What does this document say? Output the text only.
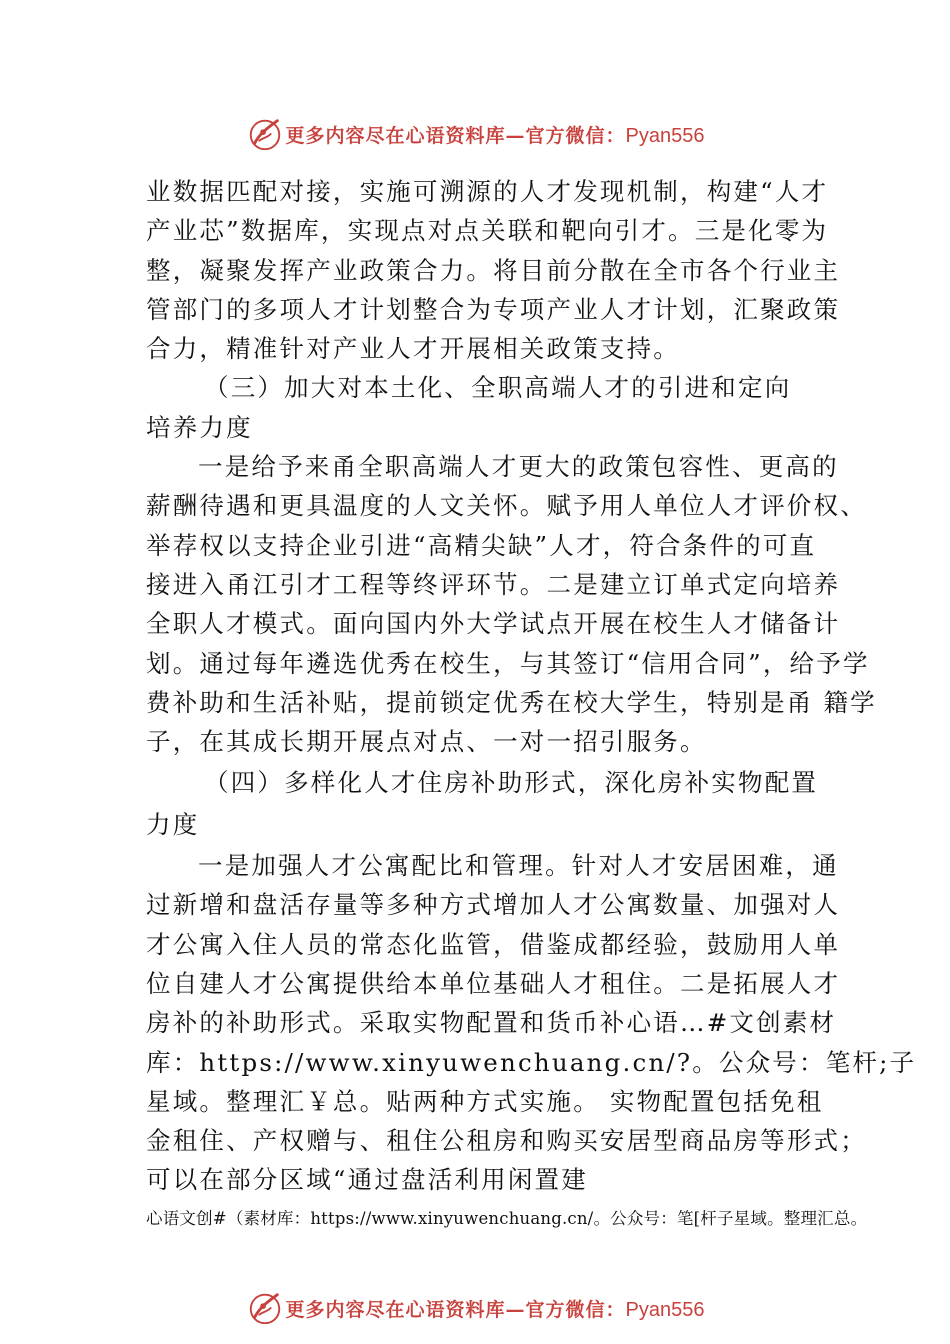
更多内容尽在心语资料库—官方微信：Pyan556
业数据匹配对接，实施可溯源的人才发现机制，构建“人才
产业芯”数据库，实现点对点关联和靶向引才。三是化零为
整，凝聚发挥产业政策合力。将目前分散在全市各个行业主
管部门的多项人才计划整合为专项产业人才计划，汇聚政策
合力，精准针对产业人才开展相关政策支持。
（三）加大对本土化、全职高端人才的引进和定向
培养力度
一是给予来甬全职高端人才更大的政策包容性、更高的
薪酬待遇和更具温度的人文关怀。赋予用人单位人才评价权、
举荐权以支持企业引进“高精尖缺”人才，符合条件的可直
接进入甬江引才工程等终评环节。二是建立订单式定向培养
全职人才模式。面向国内外大学试点开展在校生人才储备计
划。通过每年遴选优秀在校生，与其签订“信用合同”，给予学
费补助和生活补贴，提前锁定优秀在校大学生，特别是甬 籍学
子，在其成长期开展点对点、一对一招引服务。
（四）多样化人才住房补助形式，深化房补实物配置
力度
一是加强人才公寓配比和管理。针对人才安居困难，通
过新增和盘活存量等多种方式增加人才公寓数量、加强对人
才公寓入住人员的常态化监管，借鉴成都经验，鼓励用人单
位自建人才公寓提供给本单位基础人才租住。二是拓展人才
房补的补助形式。采取实物配置和货币补心语…#文创素材
库：https://www.xinyuwenchuang.cn/?。公众号：笔杆;子
星域。整理汇￥总。贴两种方式实施。 实物配置包括免租
金租住、产权赠与、租住公租房和购买安居型商品房等形式；
可以在部分区域“通过盘活利用闲置建
心语文创#（素材库：https://www.xinyuwenchuang.cn/。公众号：笔[杆子星域。整理汇总。
更多内容尽在心语资料库—官方微信：Pyan556
